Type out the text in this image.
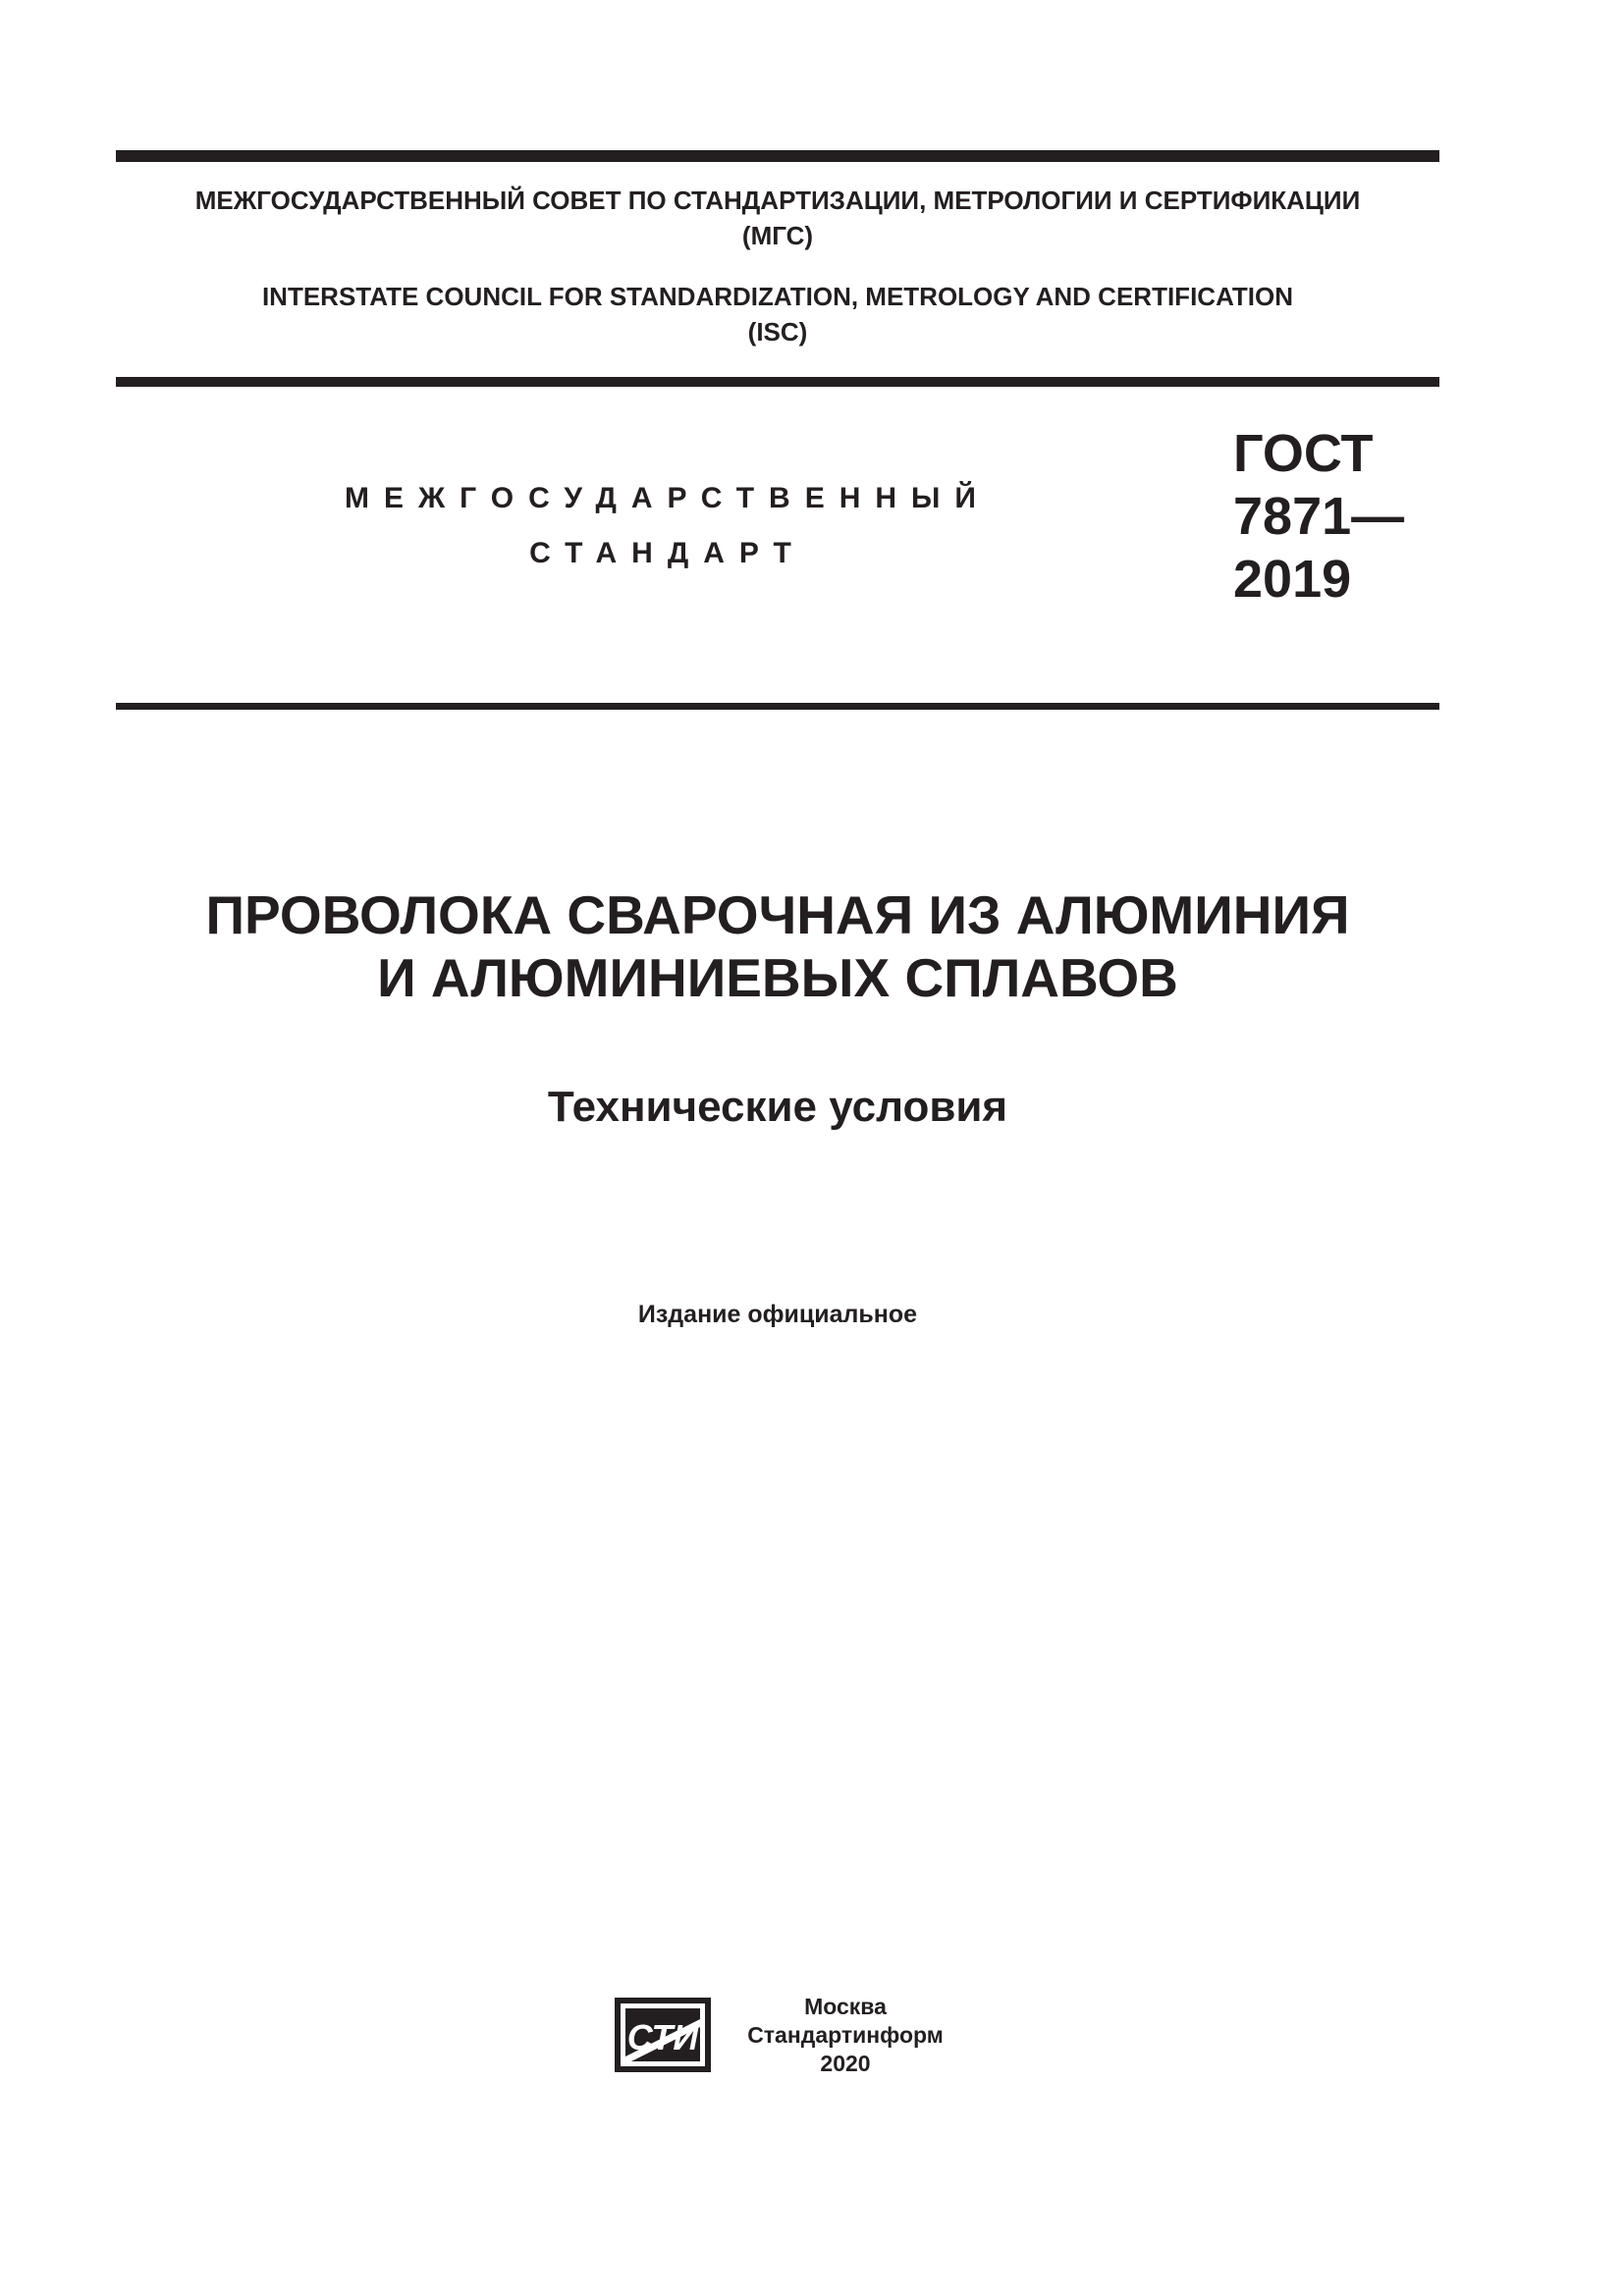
МЕЖГОСУДАРСТВЕННЫЙ СОВЕТ ПО СТАНДАРТИЗАЦИИ, МЕТРОЛОГИИ И СЕРТИФИКАЦИИ
(МГС)
INTERSTATE COUNCIL FOR STANDARDIZATION, METROLOGY AND CERTIFICATION
(ISC)
МЕЖГОСУДАРСТВЕННЫЙ
СТАНДАРТ
ГОСТ
7871—
2019
ПРОВОЛОКА СВАРОЧНАЯ ИЗ АЛЮМИНИЯ
И АЛЮМИНИЕВЫХ СПЛАВОВ
Технические условия
Издание официальное
СТИ
Москва
Стандартинформ
2020
